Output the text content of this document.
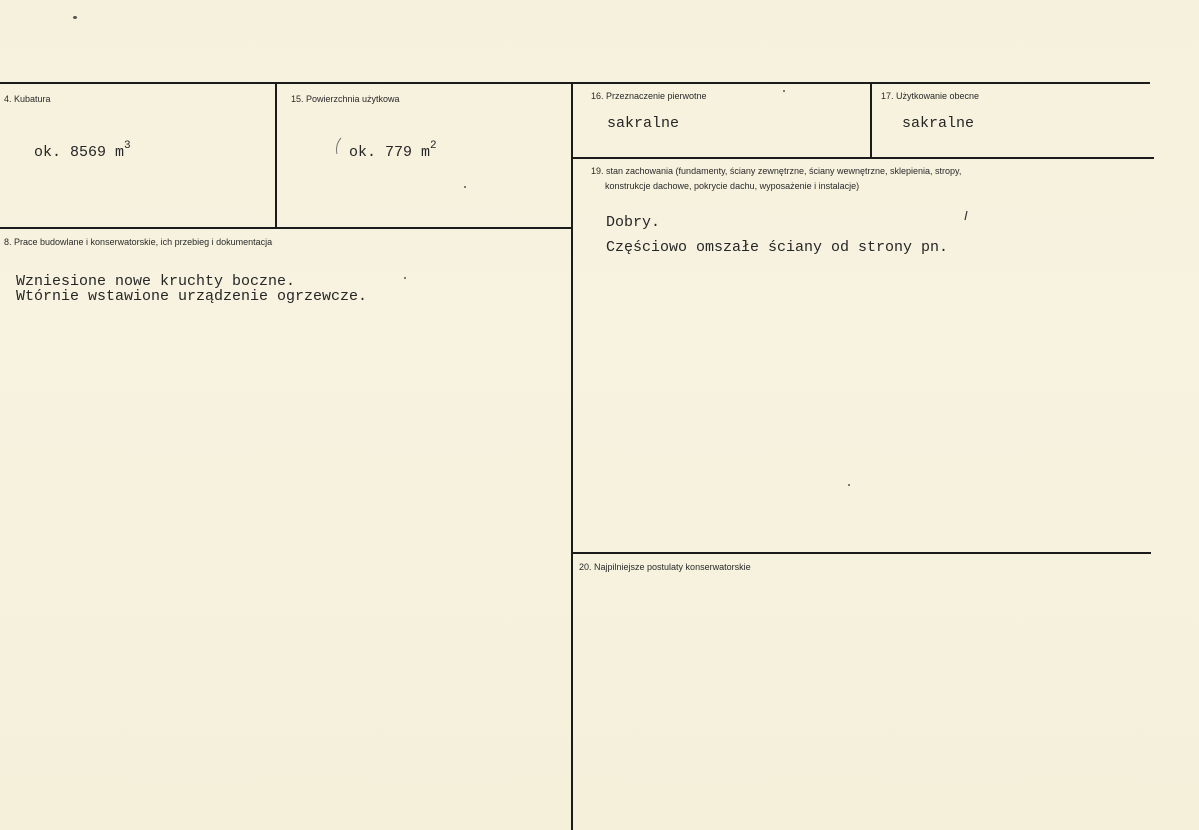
4. Kubatura
ok. 8569 $m^3$
15. Powierzchnia użytkowa
ok. 779 $m^2$
16. Przeznaczenie pierwotne
sakralne
17. Użytkowanie obecne
sakralne
8. Prace budowlane i konserwatorskie, ich przebieg i dokumentacja
Wzniesione nowe kruchty boczne.
Wtórnie wstawione urządzenie ogrzewcze.
19. stan zachowania (fundamenty, ściany zewnętrzne, ściany wewnętrzne, sklepienia, stropy,
konstrukcje dachowe, pokrycie dachu, wyposażenie i instalacje)
Dobry.
Częściowo omszałe ściany od strony pn.
20. Najpilniejsze postulaty konserwatorskie
